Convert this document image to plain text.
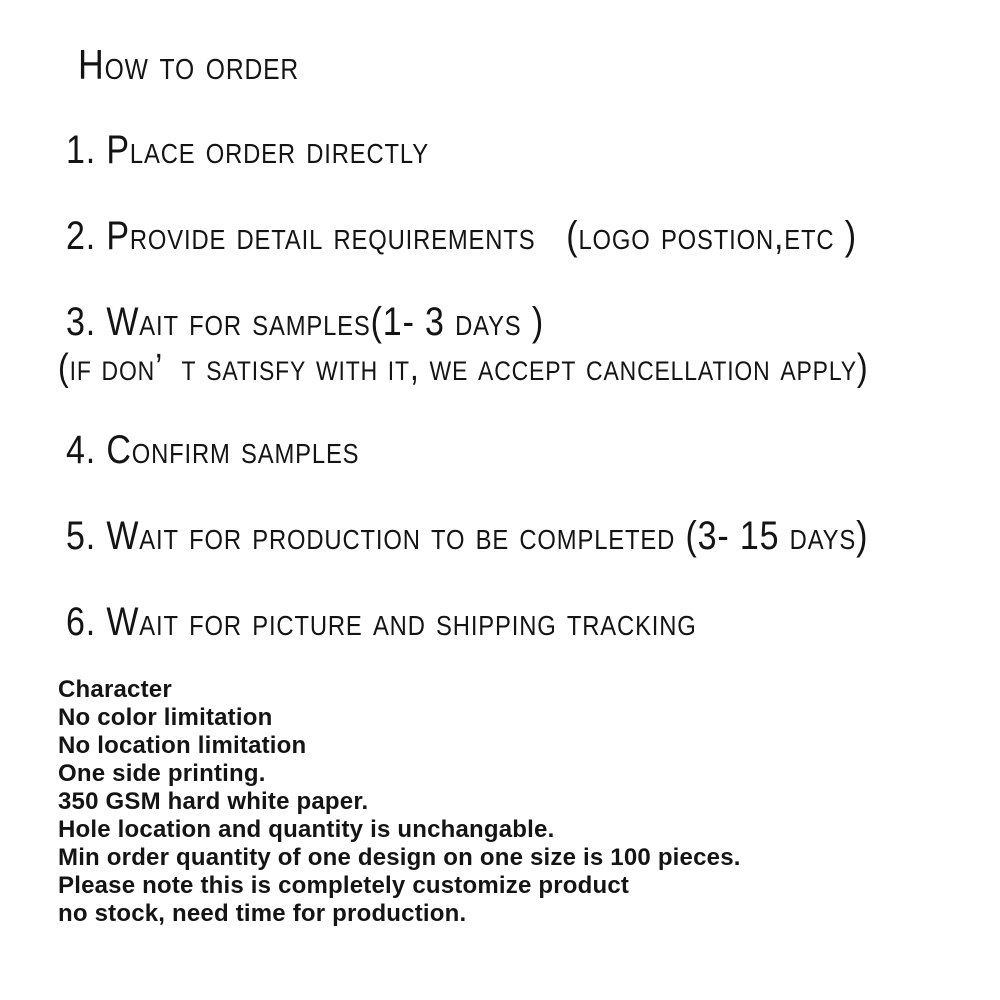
How to order
1. Place order directly
2. Provide detail requirements   (logo postion,etc )
3. Wait for samples(1- 3 days )
(if don’  t satisfy with it, we accept cancellation apply)
4. Confirm samples
5. Wait for production to be completed (3- 15 days)
6. Wait for picture and shipping tracking
Character
No color limitation
No location limitation
One side printing.
350 GSM hard white paper.
Hole location and quantity is unchangable.
Min order quantity of one design on one size is 100 pieces.
Please note this is completely customize product
no stock, need time for production.
